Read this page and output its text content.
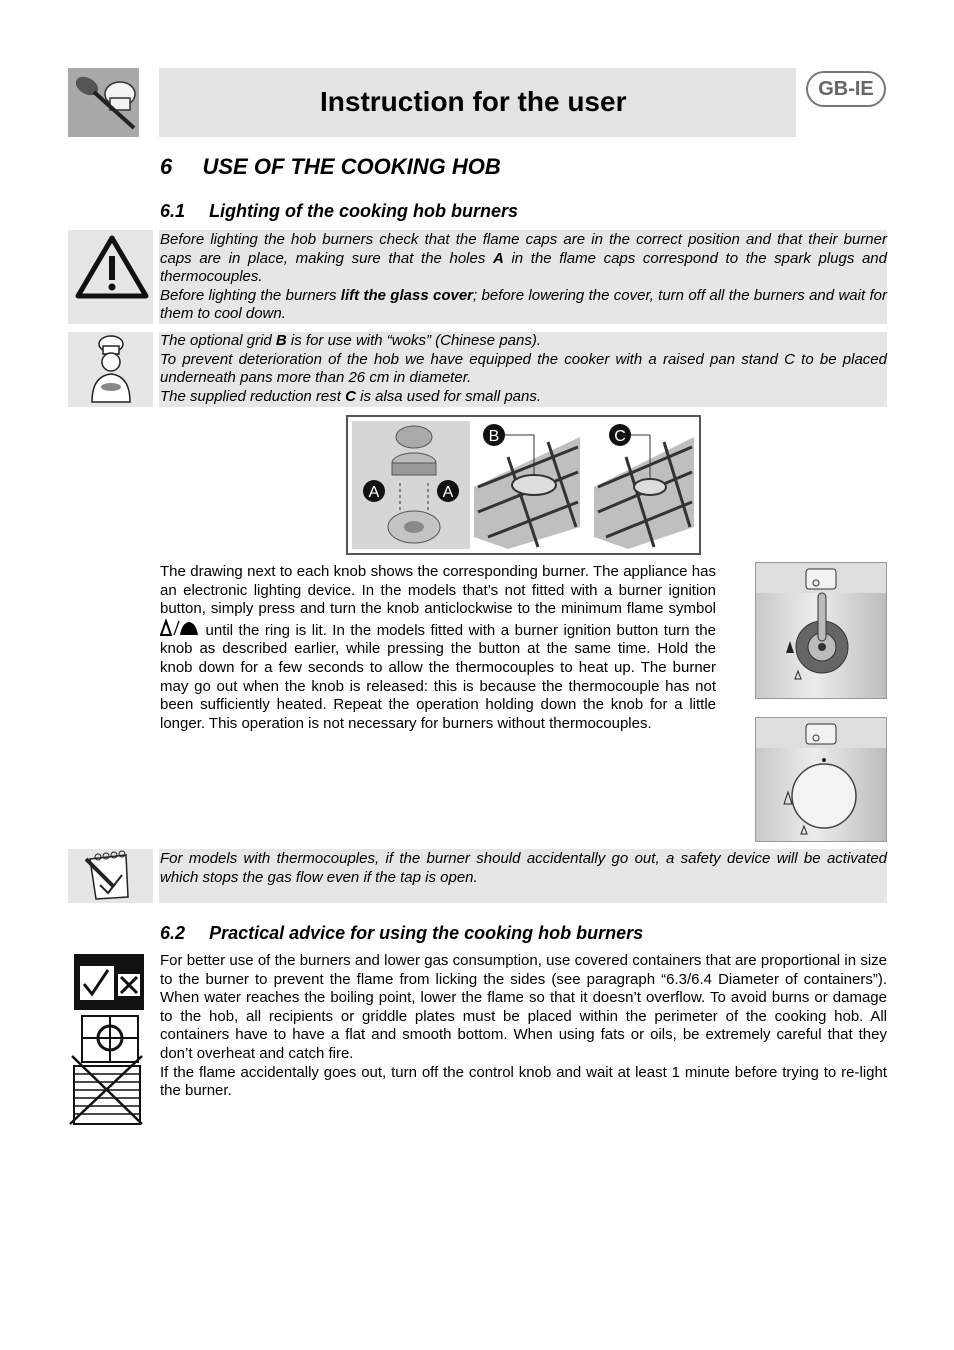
Instruction for the user	GB-IE
6 USE OF THE COOKING HOB
6.1 Lighting of the cooking hob burners

Before lighting the hob burners check that the flame caps are in the correct position and that their burner caps are in place, making sure that the holes A in the flame caps correspond to the spark plugs and thermocouples.

Before lighting the burners lift the glass cover; before lowering the cover, turn off all the burners and wait for them to cool down.

The optional grid B is for use with “woks” (Chinese pans).

To prevent deterioration of the hob we have equipped the cooker with a raised pan stand C to be placed underneath pans more than 26 cm in diameter.

The supplied reduction rest C is alsa used for small pans.

A	A
B	C
The drawing next to each knob shows the corresponding burner. The appliance has an electronic lighting device. In the models that’s not fitted with a burner ignition button, simply press and turn the knob anticlockwise to the minimum flame symbol  until the ring is lit. In the models fitted with a burner ignition button turn the knob as described earlier, while pressing the button at the same time. Hold the knob down for a few seconds to allow the thermocouples to heat up. The burner may go out when the knob is released: this is because the thermocouple has not been sufficiently heated. Repeat the operation holding down the knob for a little longer. This operation is not necessary for burners without thermocouples.
For models with thermocouples, if the burner should accidentally go out, a safety device will be activated which stops the gas flow even if the tap is open.
6.2 Practical advice for using the cooking hob burners

For better use of the burners and lower gas consumption, use covered containers that are proportional in size to the burner to prevent the flame from licking the sides (see paragraph “6.3/6.4 Diameter of containers”). When water reaches the boiling point, lower the flame so that it doesn’t overflow. To avoid burns or damage to the hob, all recipients or griddle plates must be placed within the perimeter of the cooking hob. All containers have to have a flat and smooth bottom. When using fats or oils, be extremely careful that they don’t overheat and catch fire.

If the flame accidentally goes out, turn off the control knob and wait at least 1 minute before trying to re-light the burner.
